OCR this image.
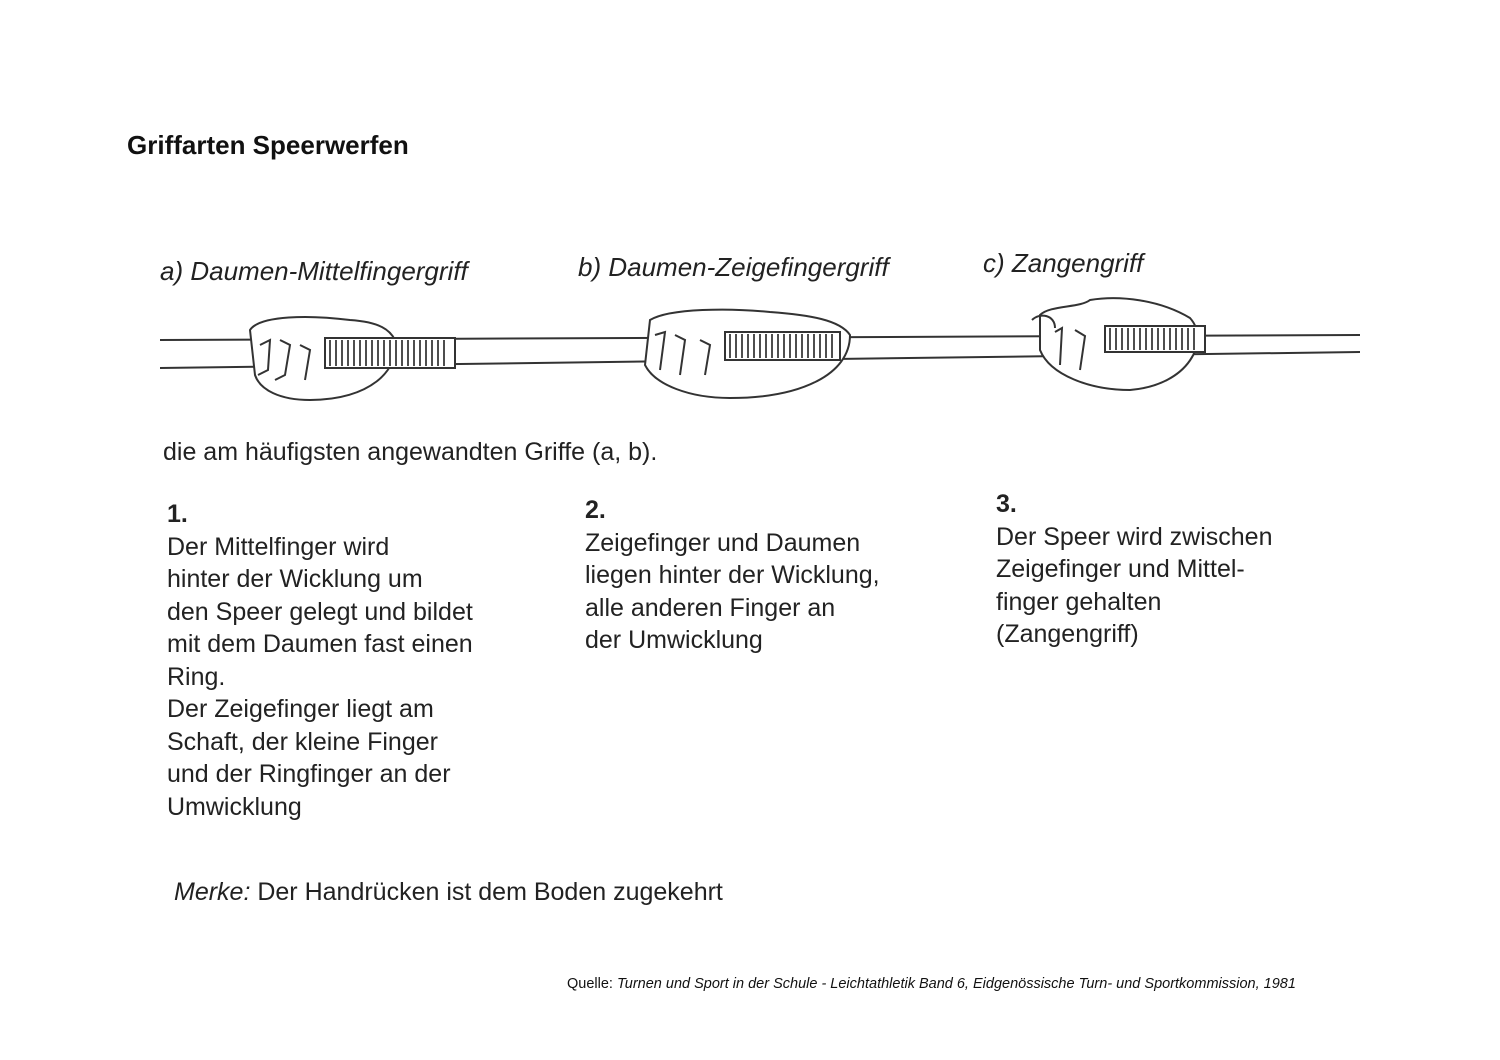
Griffarten Speerwerfen
a) Daumen-Mittelfingergriff	b) Daumen-Zeigefingergriff	c) Zangengriff
die am häufigsten angewandten Griffe (a, b).
1.
Der Mittelfinger wird
hinter der Wicklung um
den Speer gelegt und bildet
mit dem Daumen fast einen
Ring.
Der Zeigefinger liegt am
Schaft, der kleine Finger
und der Ringfinger an der
Umwicklung
2.
Zeigefinger und Daumen
liegen hinter der Wicklung,
alle anderen Finger an
der Umwicklung
3.
Der Speer wird zwischen
Zeigefinger und Mittel-
finger gehalten
(Zangengriff)
Merke: Der Handrücken ist dem Boden zugekehrt
Quelle: Turnen und Sport in der Schule - Leichtathletik Band 6, Eidgenössische Turn- und Sportkommission, 1981
